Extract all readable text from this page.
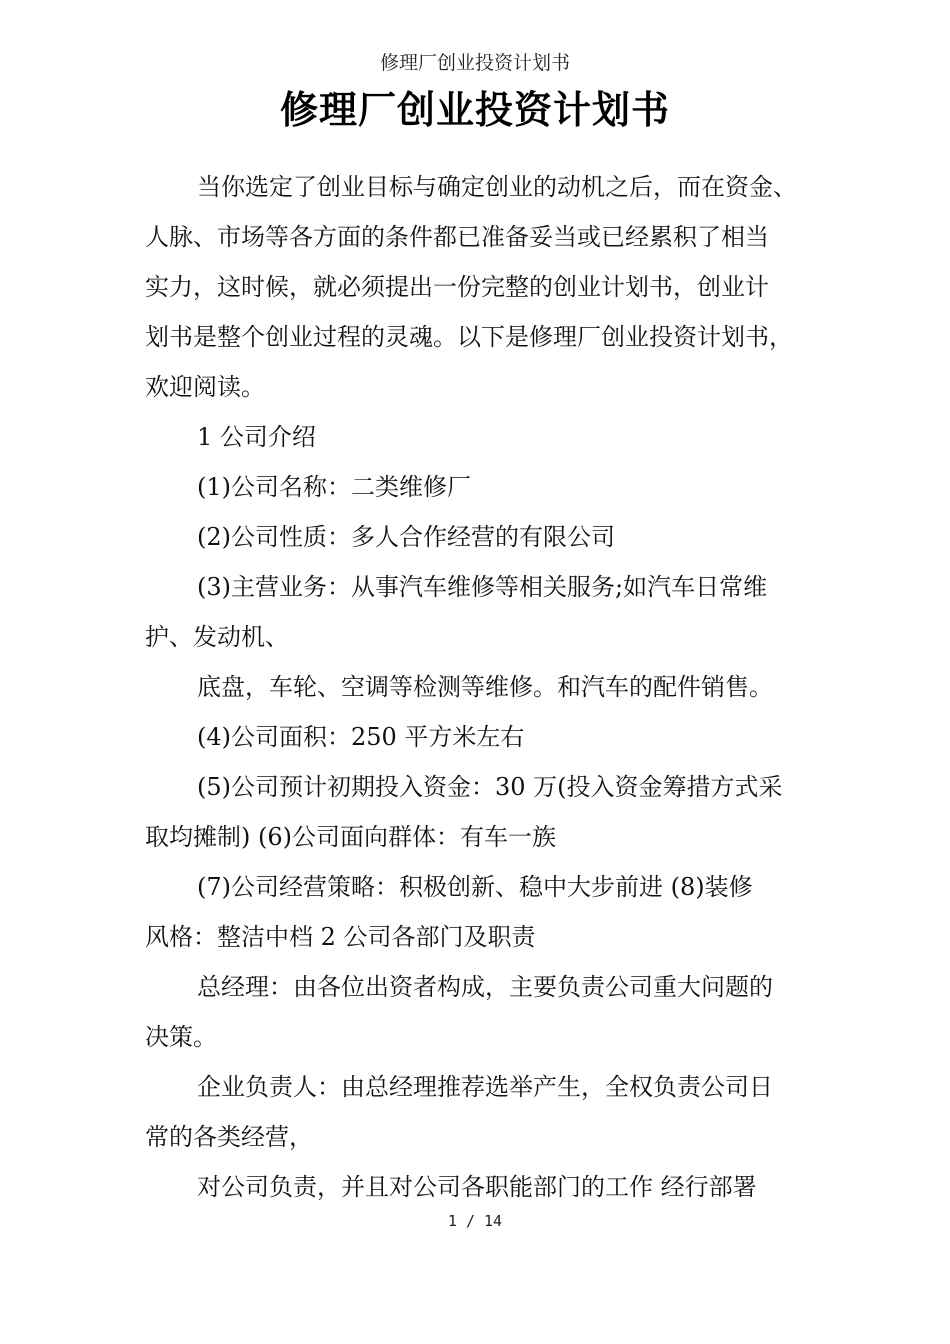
修理厂创业投资计划书
修理厂创业投资计划书

当你选定了创业目标与确定创业的动机之后，而在资金、

人脉、市场等各方面的条件都已准备妥当或已经累积了相当

实力，这时候，就必须提出一份完整的创业计划书，创业计

划书是整个创业过程的灵魂。以下是修理厂创业投资计划书，

欢迎阅读。

1 公司介绍

(1)公司名称：二类维修厂

(2)公司性质：多人合作经营的有限公司

(3)主营业务：从事汽车维修等相关服务;如汽车日常维

护、发动机、

底盘，车轮、空调等检测等维修。和汽车的配件销售。

(4)公司面积：250 平方米左右

(5)公司预计初期投入资金：30 万(投入资金筹措方式采

取均摊制) (6)公司面向群体：有车一族

(7)公司经营策略：积极创新、稳中大步前进 (8)装修

风格：整洁中档 2 公司各部门及职责

总经理：由各位出资者构成，主要负责公司重大问题的

决策。

企业负责人：由总经理推荐选举产生，全权负责公司日

常的各类经营，

对公司负责，并且对公司各职能部门的工作 经行部署

1 / 14
